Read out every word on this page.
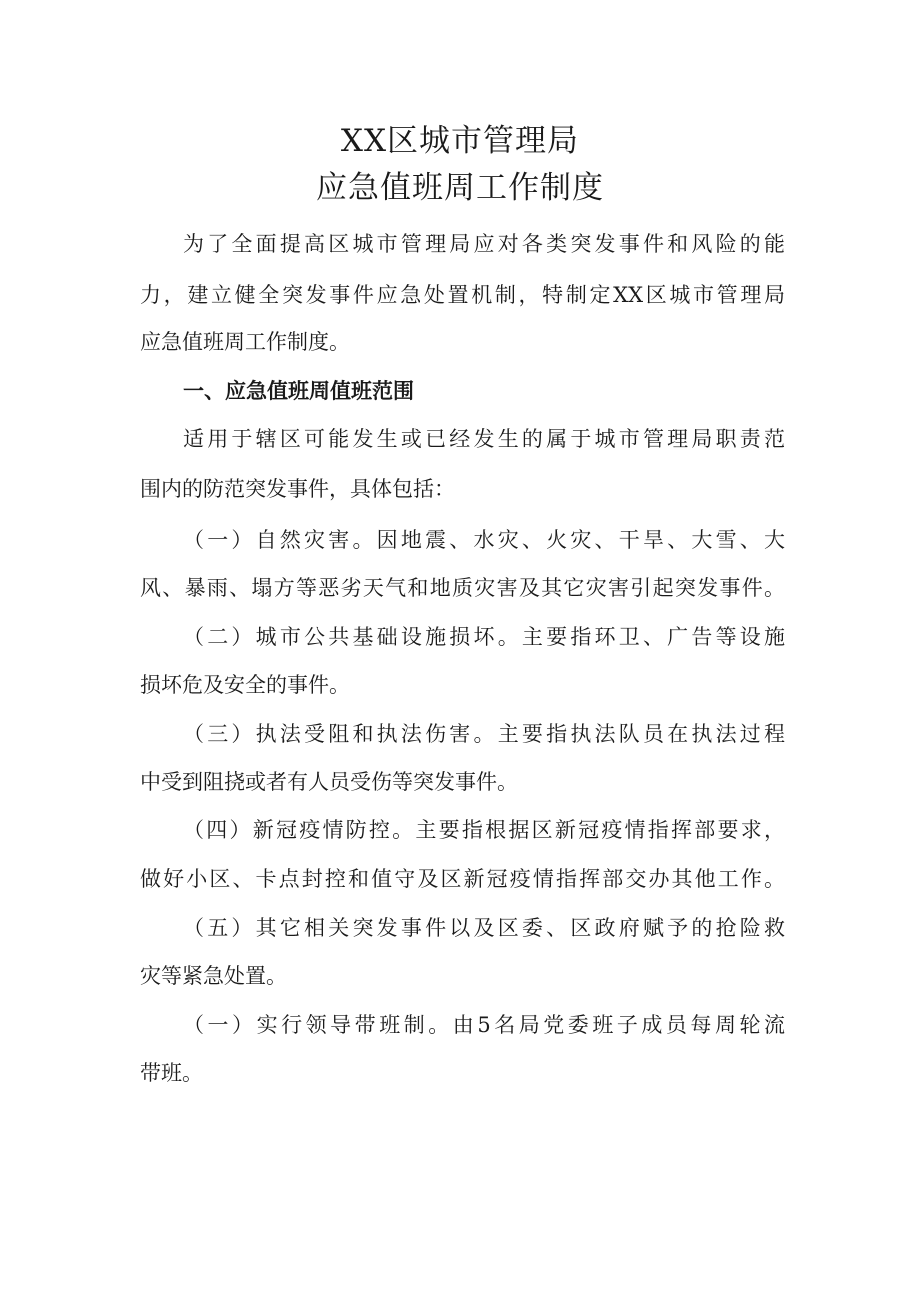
XX区城市管理局
应急值班周工作制度
为了全面提高区城市管理局应对各类突发事件和风险的能
力，建立健全突发事件应急处置机制，特制定XX区城市管理局
应急值班周工作制度。
一、应急值班周值班范围
适用于辖区可能发生或已经发生的属于城市管理局职责范
围内的防范突发事件，具体包括：
（一）自然灾害。因地震、水灾、火灾、干旱、大雪、大
风、暴雨、塌方等恶劣天气和地质灾害及其它灾害引起突发事件。
（二）城市公共基础设施损坏。主要指环卫、广告等设施
损坏危及安全的事件。
（三）执法受阻和执法伤害。主要指执法队员在执法过程
中受到阻挠或者有人员受伤等突发事件。
（四）新冠疫情防控。主要指根据区新冠疫情指挥部要求，
做好小区、卡点封控和值守及区新冠疫情指挥部交办其他工作。
（五）其它相关突发事件以及区委、区政府赋予的抢险救
灾等紧急处置。
（一）实行领导带班制。由5名局党委班子成员每周轮流
带班。
